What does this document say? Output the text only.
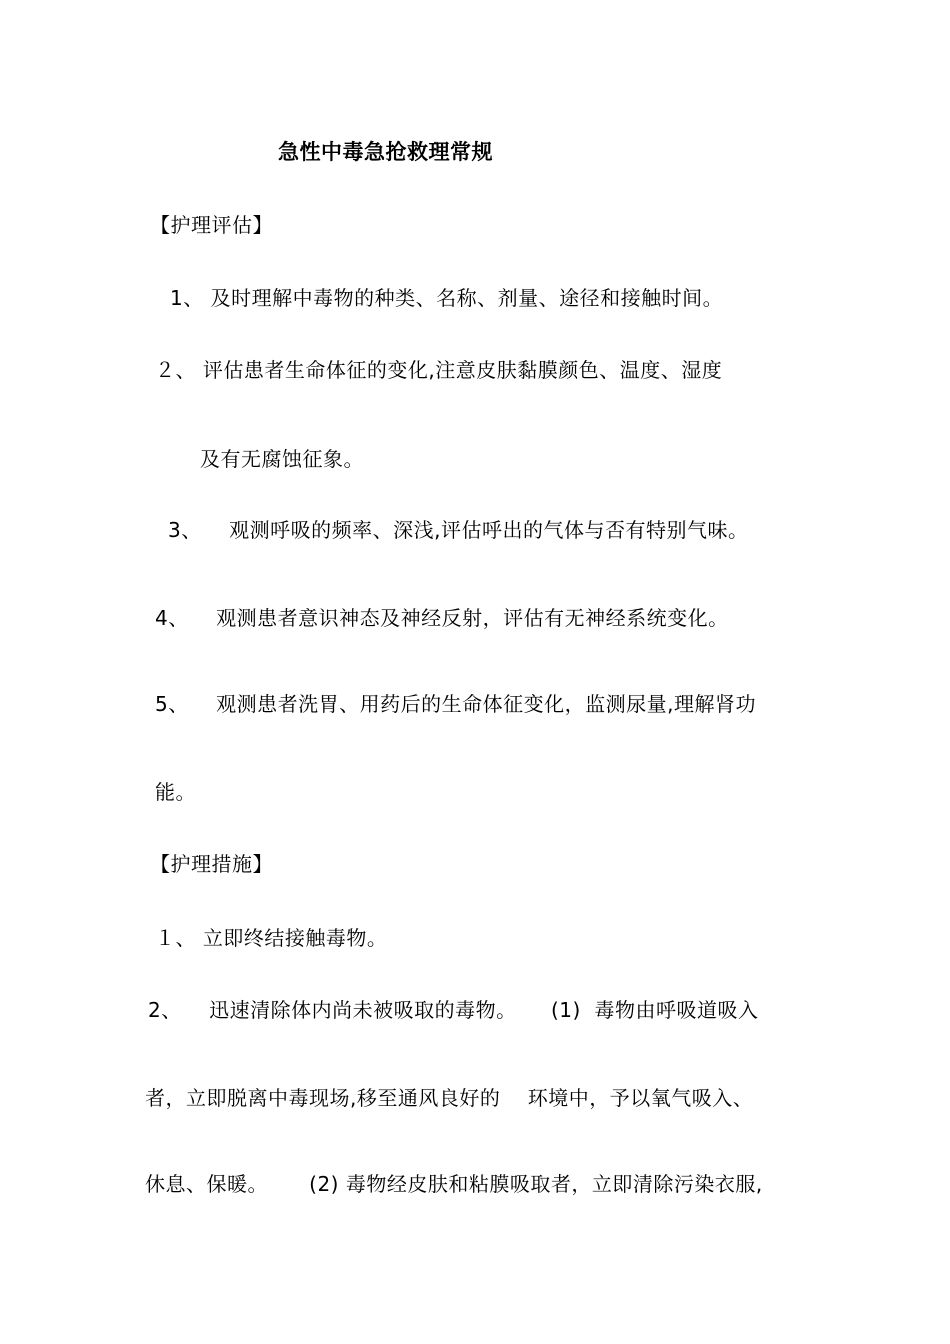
急性中毒急抢救理常规
【护理评估】
1、 及时理解中毒物的种类、名称、剂量、途径和接触时间。
２、 评估患者生命体征的变化,注意皮肤黏膜颜色、温度、湿度
及有无腐蚀征象。
3、    观测呼吸的频率、深浅,评估呼出的气体与否有特别气味。
4、    观测患者意识神态及神经反射，评估有无神经系统变化。
5、    观测患者洗胃、用药后的生命体征变化，监测尿量,理解肾功
能。
【护理措施】
１、 立即终结接触毒物。
2、    迅速清除体内尚未被吸取的毒物。     (1)  毒物由呼吸道吸入
者，立即脱离中毒现场,移至通风良好的    环境中，予以氧气吸入、
休息、保暖。      (2) 毒物经皮肤和粘膜吸取者，立即清除污染衣服,
